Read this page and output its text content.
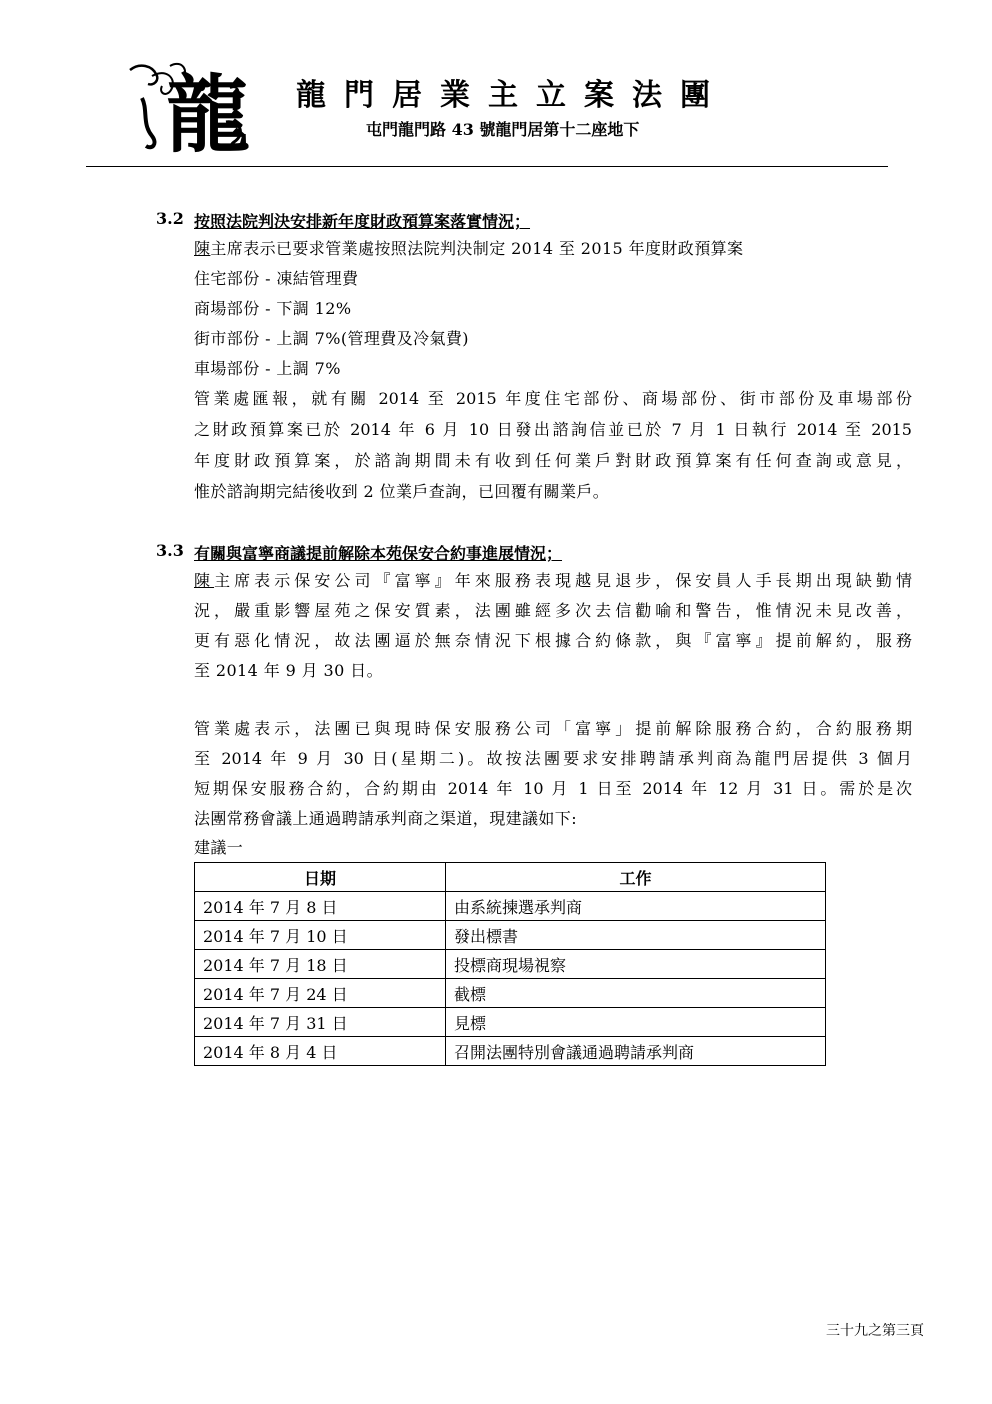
龍 龍門居業主立案法團
屯門龍門路 43 號龍門居第十二座地下
3.2 按照法院判決安排新年度財政預算案落實情況；
陳主席表示已要求管業處按照法院判決制定 2014 至 2015 年度財政預算案
住宅部份 - 凍結管理費
商場部份 - 下調 12%
街市部份 - 上調 7%(管理費及冷氣費)
車場部份 - 上調 7%
管業處匯報，就有關 2014 至 2015 年度住宅部份、商場部份、街市部份及車場部份
之財政預算案已於 2014 年 6 月 10 日發出諮詢信並已於 7 月 1 日執行 2014 至 2015
年度財政預算案，於諮詢期間未有收到任何業戶對財政預算案有任何查詢或意見，
惟於諮詢期完結後收到 2 位業戶查詢，已回覆有關業戶。
3.3 有關與富寧商議提前解除本苑保安合約事進展情況；
陳主席表示保安公司『富寧』年來服務表現越見退步，保安員人手長期出現缺勤情
況，嚴重影響屋苑之保安質素，法團雖經多次去信勸喻和警告，惟情況未見改善，
更有惡化情況，故法團逼於無奈情況下根據合約條款，與『富寧』提前解約，服務
至 2014 年 9 月 30 日。
管業處表示，法團已與現時保安服務公司「富寧」提前解除服務合約，合約服務期
至 2014 年 9 月 30 日(星期二)。故按法團要求安排聘請承判商為龍門居提供 3 個月
短期保安服務合約，合約期由 2014 年 10 月 1 日至 2014 年 12 月 31 日。需於是次
法團常務會議上通過聘請承判商之渠道，現建議如下:
建議一
日期	工作
2014 年 7 月 8 日	由系統揀選承判商
2014 年 7 月 10 日	發出標書
2014 年 7 月 18 日	投標商現場視察
2014 年 7 月 24 日	截標
2014 年 7 月 31 日	見標
2014 年 8 月 4 日	召開法團特別會議通過聘請承判商
三十九之第三頁
